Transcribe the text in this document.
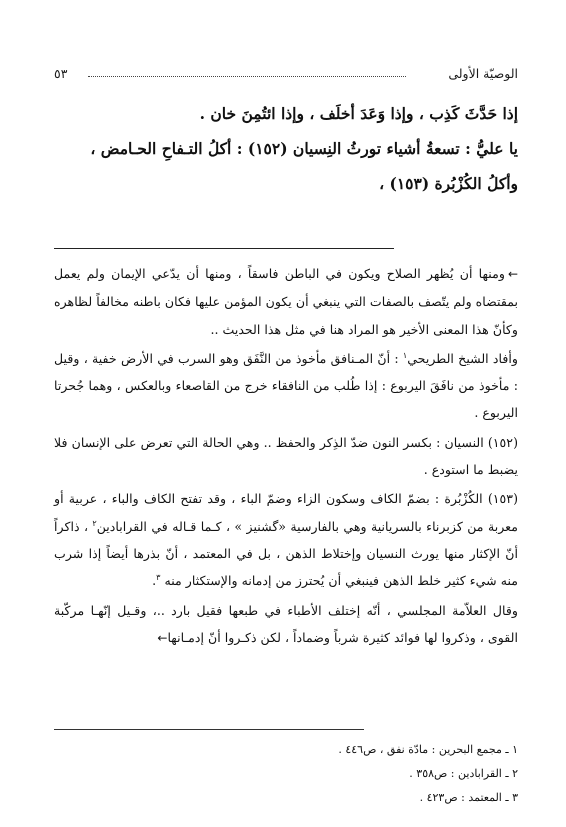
الوصيّة الأولى
٥٣

إذا حَدَّثَ كَذِب ، وإذا وَعَدَ أخلَف ، وإذا ائتُمِنَ خان .

يا عليُّ : تسعةُ أشياء تورثُ النِسيان (١٥٢) : أكلُ التـفاحِ الحـامض ،

وأكلُ الكُزْبُرة (١٥٣) ،

←ومنها أن يُظهر الصلاح ويكون في الباطن فاسقاً ، ومنها أن يدّعي الإيمان ولم يعمل بمقتضاه ولم يتّصف بالصفات التي ينبغي أن يكون المؤمن عليها فكان باطنه مخالفاً لظاهره وكأنّ هذا المعنى الأخير هو المراد هنا في مثل هذا الحديث ..

وأفاد الشيخ الطريحي$^١$ : أنّ المـنافق مأخوذ من النَّفَق وهو السرب في الأرض خفية ، وقيل : مأخوذ من نافَقَ اليربوع : إذا طُلب من النافقاء خرج من القاصعاء وبالعكس ، وهما جُحرتا اليربوع .

(١٥٢) النسيان : بكسر النون ضدّ الذِكر والحفظ .. وهي الحالة التي تعرض على الإنسان فلا يضبط ما استودع .

(١٥٣) الكُزْبُرة : بضمّ الكاف وسكون الزاء وضمّ الباء ، وقد تفتح الكاف والباء ، عربية أو معربة من كزبرناء بالسريانية وهي بالفارسية «گشنيز » ، كـما قـاله في القرابادين$^٢$ ، ذاكراً أنّ الإكثار منها يورث النسيان وإختلاط الذهن ، بل في المعتمد ، أنّ بذرها أيضاً إذا شرب منه شيء كثير خلط الذهن فينبغي أن يُحترز من إدمانه والإستكثار منه $^٣$.

وقال العلاّمة المجلسي ، أنّه إختلف الأطباء في طبعها فقيل بارد ..، وقـيل إنّهـا مركّبة القوى ، وذكروا لها فوائد كثيرة شرباً وضماداً ، لكن ذكـروا أنّ إدمـانها←

١ ـ مجمع البحرين : مادّة نفق ، ص٤٤٦ .

٢ ـ القرابادين : ص٣٥٨ .

٣ ـ المعتمد : ص٤٢٣ .
